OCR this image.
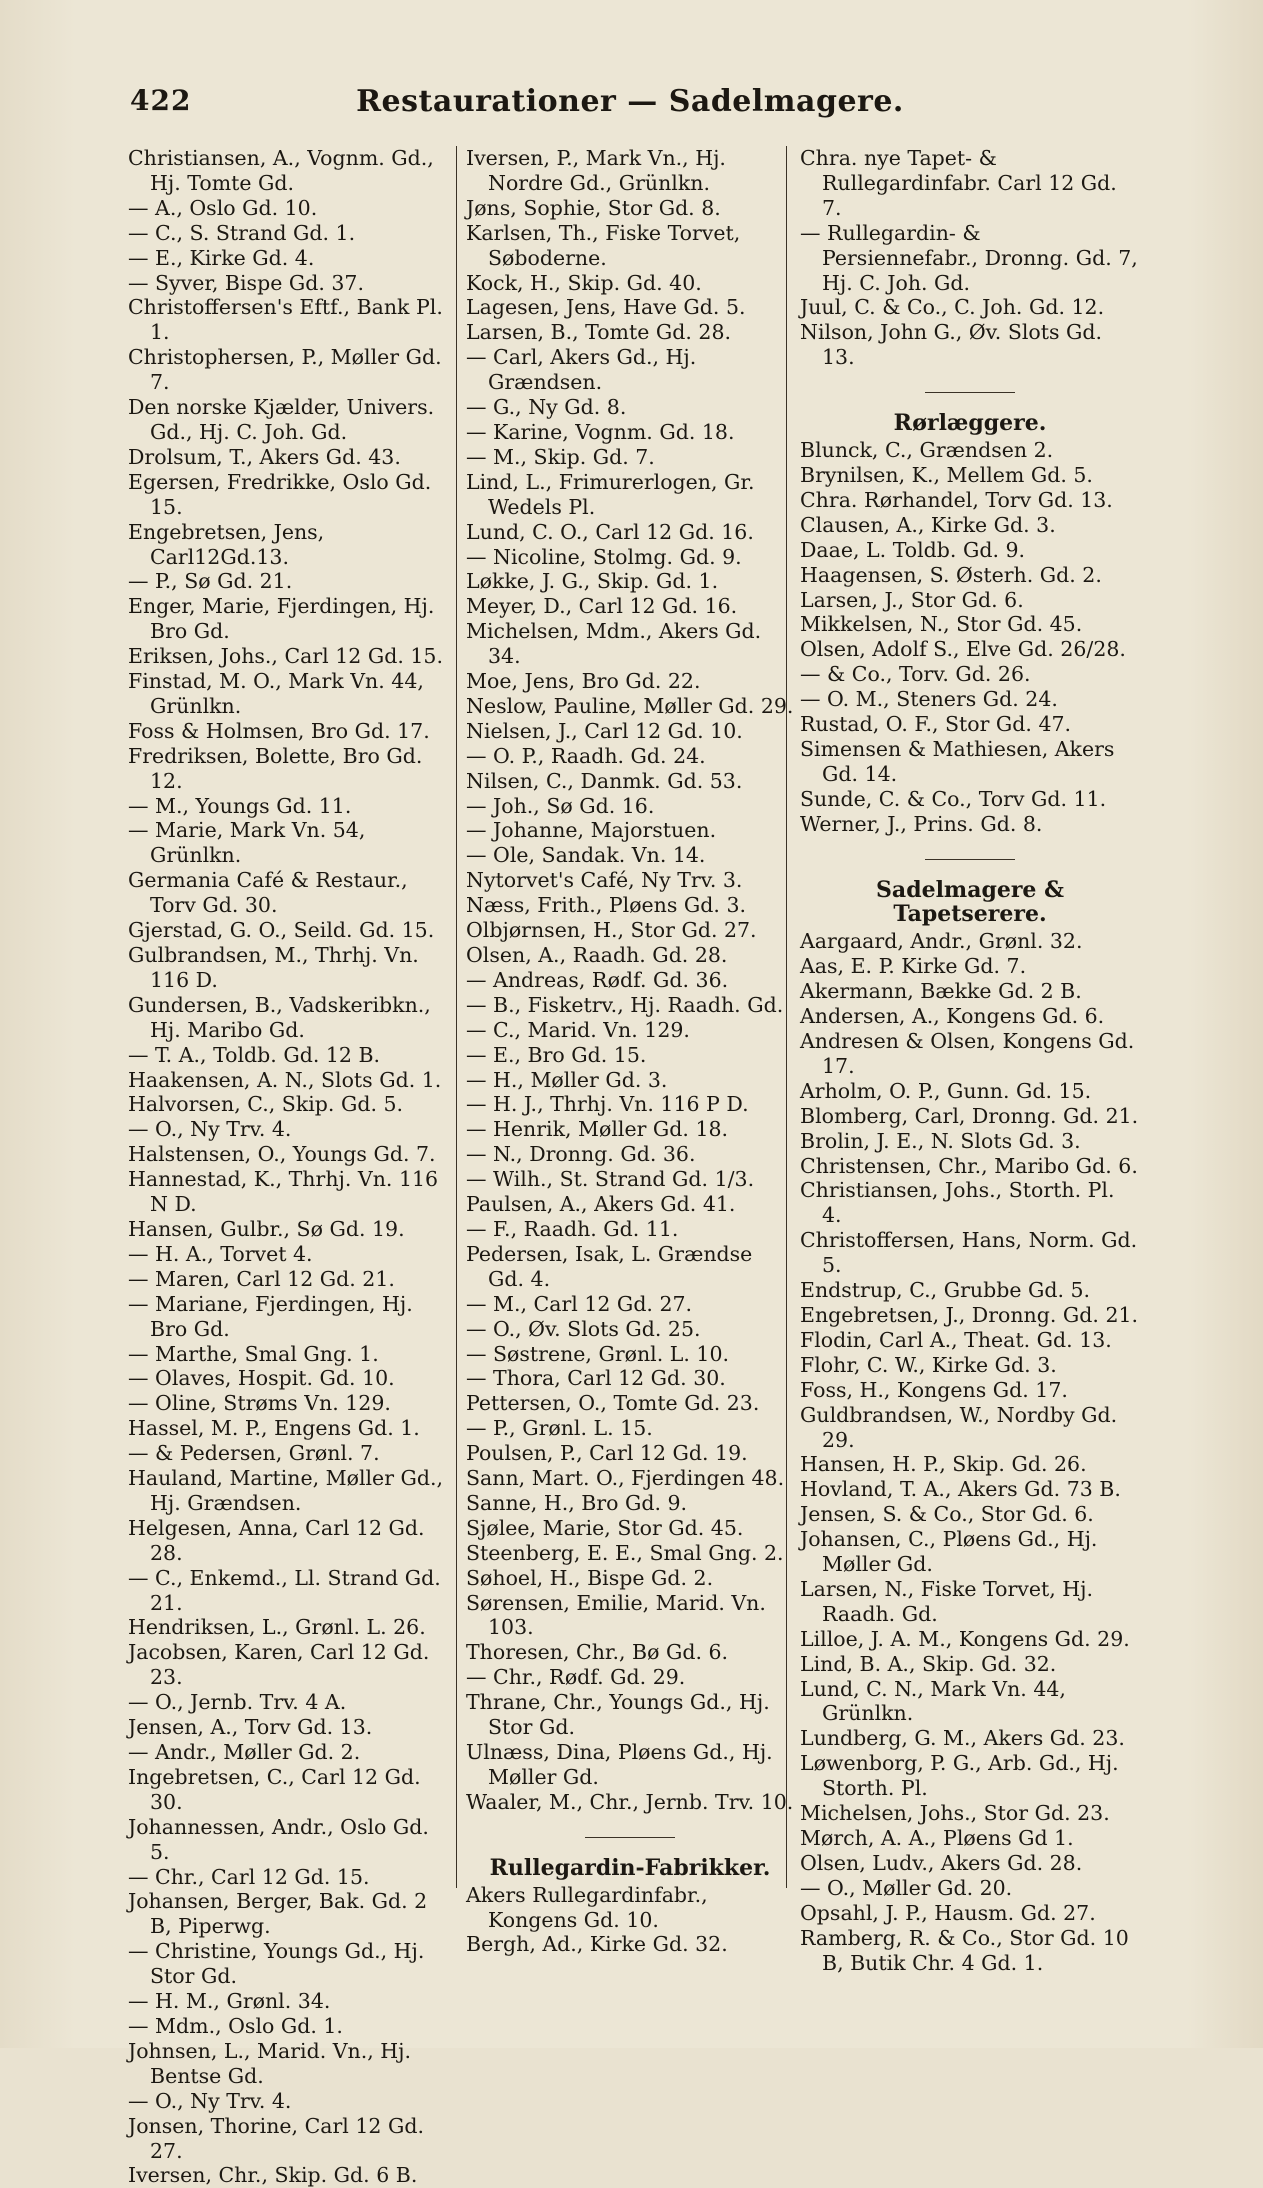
422	Restaurationer — Sadelmagere.
Christiansen, A., Vognm. Gd., Hj. Tomte Gd.
— A., Oslo Gd. 10.
— C., S. Strand Gd. 1.
— E., Kirke Gd. 4.
— Syver, Bispe Gd. 37.
Christoffersen's Eftf., Bank Pl. 1.
Christophersen, P., Møller Gd. 7.
Den norske Kjælder, Univers. Gd., Hj. C. Joh. Gd.
Drolsum, T., Akers Gd. 43.
Egersen, Fredrikke, Oslo Gd. 15.
Engebretsen, Jens, Carl12Gd.13.
— P., Sø Gd. 21.
Enger, Marie, Fjerdingen, Hj. Bro Gd.
Eriksen, Johs., Carl 12 Gd. 15.
Finstad, M. O., Mark Vn. 44, Grünlkn.
Foss & Holmsen, Bro Gd. 17.
Fredriksen, Bolette, Bro Gd. 12.
— M., Youngs Gd. 11.
— Marie, Mark Vn. 54, Grünlkn.
Germania Café & Restaur., Torv Gd. 30.
Gjerstad, G. O., Seild. Gd. 15.
Gulbrandsen, M., Thrhj. Vn. 116 D.
Gundersen, B., Vadskeribkn., Hj. Maribo Gd.
— T. A., Toldb. Gd. 12 B.
Haakensen, A. N., Slots Gd. 1.
Halvorsen, C., Skip. Gd. 5.
— O., Ny Trv. 4.
Halstensen, O., Youngs Gd. 7.
Hannestad, K., Thrhj. Vn. 116 N D.
Hansen, Gulbr., Sø Gd. 19.
— H. A., Torvet 4.
— Maren, Carl 12 Gd. 21.
— Mariane, Fjerdingen, Hj. Bro Gd.
— Marthe, Smal Gng. 1.
— Olaves, Hospit. Gd. 10.
— Oline, Strøms Vn. 129.
Hassel, M. P., Engens Gd. 1.
— & Pedersen, Grønl. 7.
Hauland, Martine, Møller Gd., Hj. Grændsen.
Helgesen, Anna, Carl 12 Gd. 28.
— C., Enkemd., Ll. Strand Gd. 21.
Hendriksen, L., Grønl. L. 26.
Jacobsen, Karen, Carl 12 Gd. 23.
— O., Jernb. Trv. 4 A.
Jensen, A., Torv Gd. 13.
— Andr., Møller Gd. 2.
Ingebretsen, C., Carl 12 Gd. 30.
Johannessen, Andr., Oslo Gd. 5.
— Chr., Carl 12 Gd. 15.
Johansen, Berger, Bak. Gd. 2 B, Piperwg.
— Christine, Youngs Gd., Hj. Stor Gd.
— H. M., Grønl. 34.
— Mdm., Oslo Gd. 1.
Johnsen, L., Marid. Vn., Hj. Bentse Gd.
— O., Ny Trv. 4.
Jonsen, Thorine, Carl 12 Gd. 27.
Iversen, Chr., Skip. Gd. 6 B.
Iversen, P., Mark Vn., Hj. Nordre Gd., Grünlkn.
Jøns, Sophie, Stor Gd. 8.
Karlsen, Th., Fiske Torvet, Søboderne.
Kock, H., Skip. Gd. 40.
Lagesen, Jens, Have Gd. 5.
Larsen, B., Tomte Gd. 28.
— Carl, Akers Gd., Hj. Grændsen.
— G., Ny Gd. 8.
— Karine, Vognm. Gd. 18.
— M., Skip. Gd. 7.
Lind, L., Frimurerlogen, Gr. Wedels Pl.
Lund, C. O., Carl 12 Gd. 16.
— Nicoline, Stolmg. Gd. 9.
Løkke, J. G., Skip. Gd. 1.
Meyer, D., Carl 12 Gd. 16.
Michelsen, Mdm., Akers Gd. 34.
Moe, Jens, Bro Gd. 22.
Neslow, Pauline, Møller Gd. 29.
Nielsen, J., Carl 12 Gd. 10.
— O. P., Raadh. Gd. 24.
Nilsen, C., Danmk. Gd. 53.
— Joh., Sø Gd. 16.
— Johanne, Majorstuen.
— Ole, Sandak. Vn. 14.
Nytorvet's Café, Ny Trv. 3.
Næss, Frith., Pløens Gd. 3.
Olbjørnsen, H., Stor Gd. 27.
Olsen, A., Raadh. Gd. 28.
— Andreas, Rødf. Gd. 36.
— B., Fisketrv., Hj. Raadh. Gd.
— C., Marid. Vn. 129.
— E., Bro Gd. 15.
— H., Møller Gd. 3.
— H. J., Thrhj. Vn. 116 P D.
— Henrik, Møller Gd. 18.
— N., Dronng. Gd. 36.
— Wilh., St. Strand Gd. 1/3.
Paulsen, A., Akers Gd. 41.
— F., Raadh. Gd. 11.
Pedersen, Isak, L. Grændse Gd. 4.
— M., Carl 12 Gd. 27.
— O., Øv. Slots Gd. 25.
— Søstrene, Grønl. L. 10.
— Thora, Carl 12 Gd. 30.
Pettersen, O., Tomte Gd. 23.
— P., Grønl. L. 15.
Poulsen, P., Carl 12 Gd. 19.
Sann, Mart. O., Fjerdingen 48.
Sanne, H., Bro Gd. 9.
Sjølee, Marie, Stor Gd. 45.
Steenberg, E. E., Smal Gng. 2.
Søhoel, H., Bispe Gd. 2.
Sørensen, Emilie, Marid. Vn. 103.
Thoresen, Chr., Bø Gd. 6.
— Chr., Rødf. Gd. 29.
Thrane, Chr., Youngs Gd., Hj. Stor Gd.
Ulnæss, Dina, Pløens Gd., Hj. Møller Gd.
Waaler, M., Chr., Jernb. Trv. 10.
Rullegardin-Fabrikker.
Akers Rullegardinfabr., Kongens Gd. 10.
Bergh, Ad., Kirke Gd. 32.
Chra. nye Tapet- & Rullegardinfabr. Carl 12 Gd. 7.
— Rullegardin- & Persiennefabr., Dronng. Gd. 7, Hj. C. Joh. Gd.
Juul, C. & Co., C. Joh. Gd. 12.
Nilson, John G., Øv. Slots Gd. 13.
Rørlæggere.
Blunck, C., Grændsen 2.
Brynilsen, K., Mellem Gd. 5.
Chra. Rørhandel, Torv Gd. 13.
Clausen, A., Kirke Gd. 3.
Daae, L. Toldb. Gd. 9.
Haagensen, S. Østerh. Gd. 2.
Larsen, J., Stor Gd. 6.
Mikkelsen, N., Stor Gd. 45.
Olsen, Adolf S., Elve Gd. 26/28.
— & Co., Torv. Gd. 26.
— O. M., Steners Gd. 24.
Rustad, O. F., Stor Gd. 47.
Simensen & Mathiesen, Akers Gd. 14.
Sunde, C. & Co., Torv Gd. 11.
Werner, J., Prins. Gd. 8.
Sadelmagere & Tapetserere.
Aargaard, Andr., Grønl. 32.
Aas, E. P. Kirke Gd. 7.
Akermann, Bække Gd. 2 B.
Andersen, A., Kongens Gd. 6.
Andresen & Olsen, Kongens Gd. 17.
Arholm, O. P., Gunn. Gd. 15.
Blomberg, Carl, Dronng. Gd. 21.
Brolin, J. E., N. Slots Gd. 3.
Christensen, Chr., Maribo Gd. 6.
Christiansen, Johs., Storth. Pl. 4.
Christoffersen, Hans, Norm. Gd. 5.
Endstrup, C., Grubbe Gd. 5.
Engebretsen, J., Dronng. Gd. 21.
Flodin, Carl A., Theat. Gd. 13.
Flohr, C. W., Kirke Gd. 3.
Foss, H., Kongens Gd. 17.
Guldbrandsen, W., Nordby Gd. 29.
Hansen, H. P., Skip. Gd. 26.
Hovland, T. A., Akers Gd. 73 B.
Jensen, S. & Co., Stor Gd. 6.
Johansen, C., Pløens Gd., Hj. Møller Gd.
Larsen, N., Fiske Torvet, Hj. Raadh. Gd.
Lilloe, J. A. M., Kongens Gd. 29.
Lind, B. A., Skip. Gd. 32.
Lund, C. N., Mark Vn. 44, Grünlkn.
Lundberg, G. M., Akers Gd. 23.
Løwenborg, P. G., Arb. Gd., Hj. Storth. Pl.
Michelsen, Johs., Stor Gd. 23.
Mørch, A. A., Pløens Gd 1.
Olsen, Ludv., Akers Gd. 28.
— O., Møller Gd. 20.
Opsahl, J. P., Hausm. Gd. 27.
Ramberg, R. & Co., Stor Gd. 10 B, Butik Chr. 4 Gd. 1.
